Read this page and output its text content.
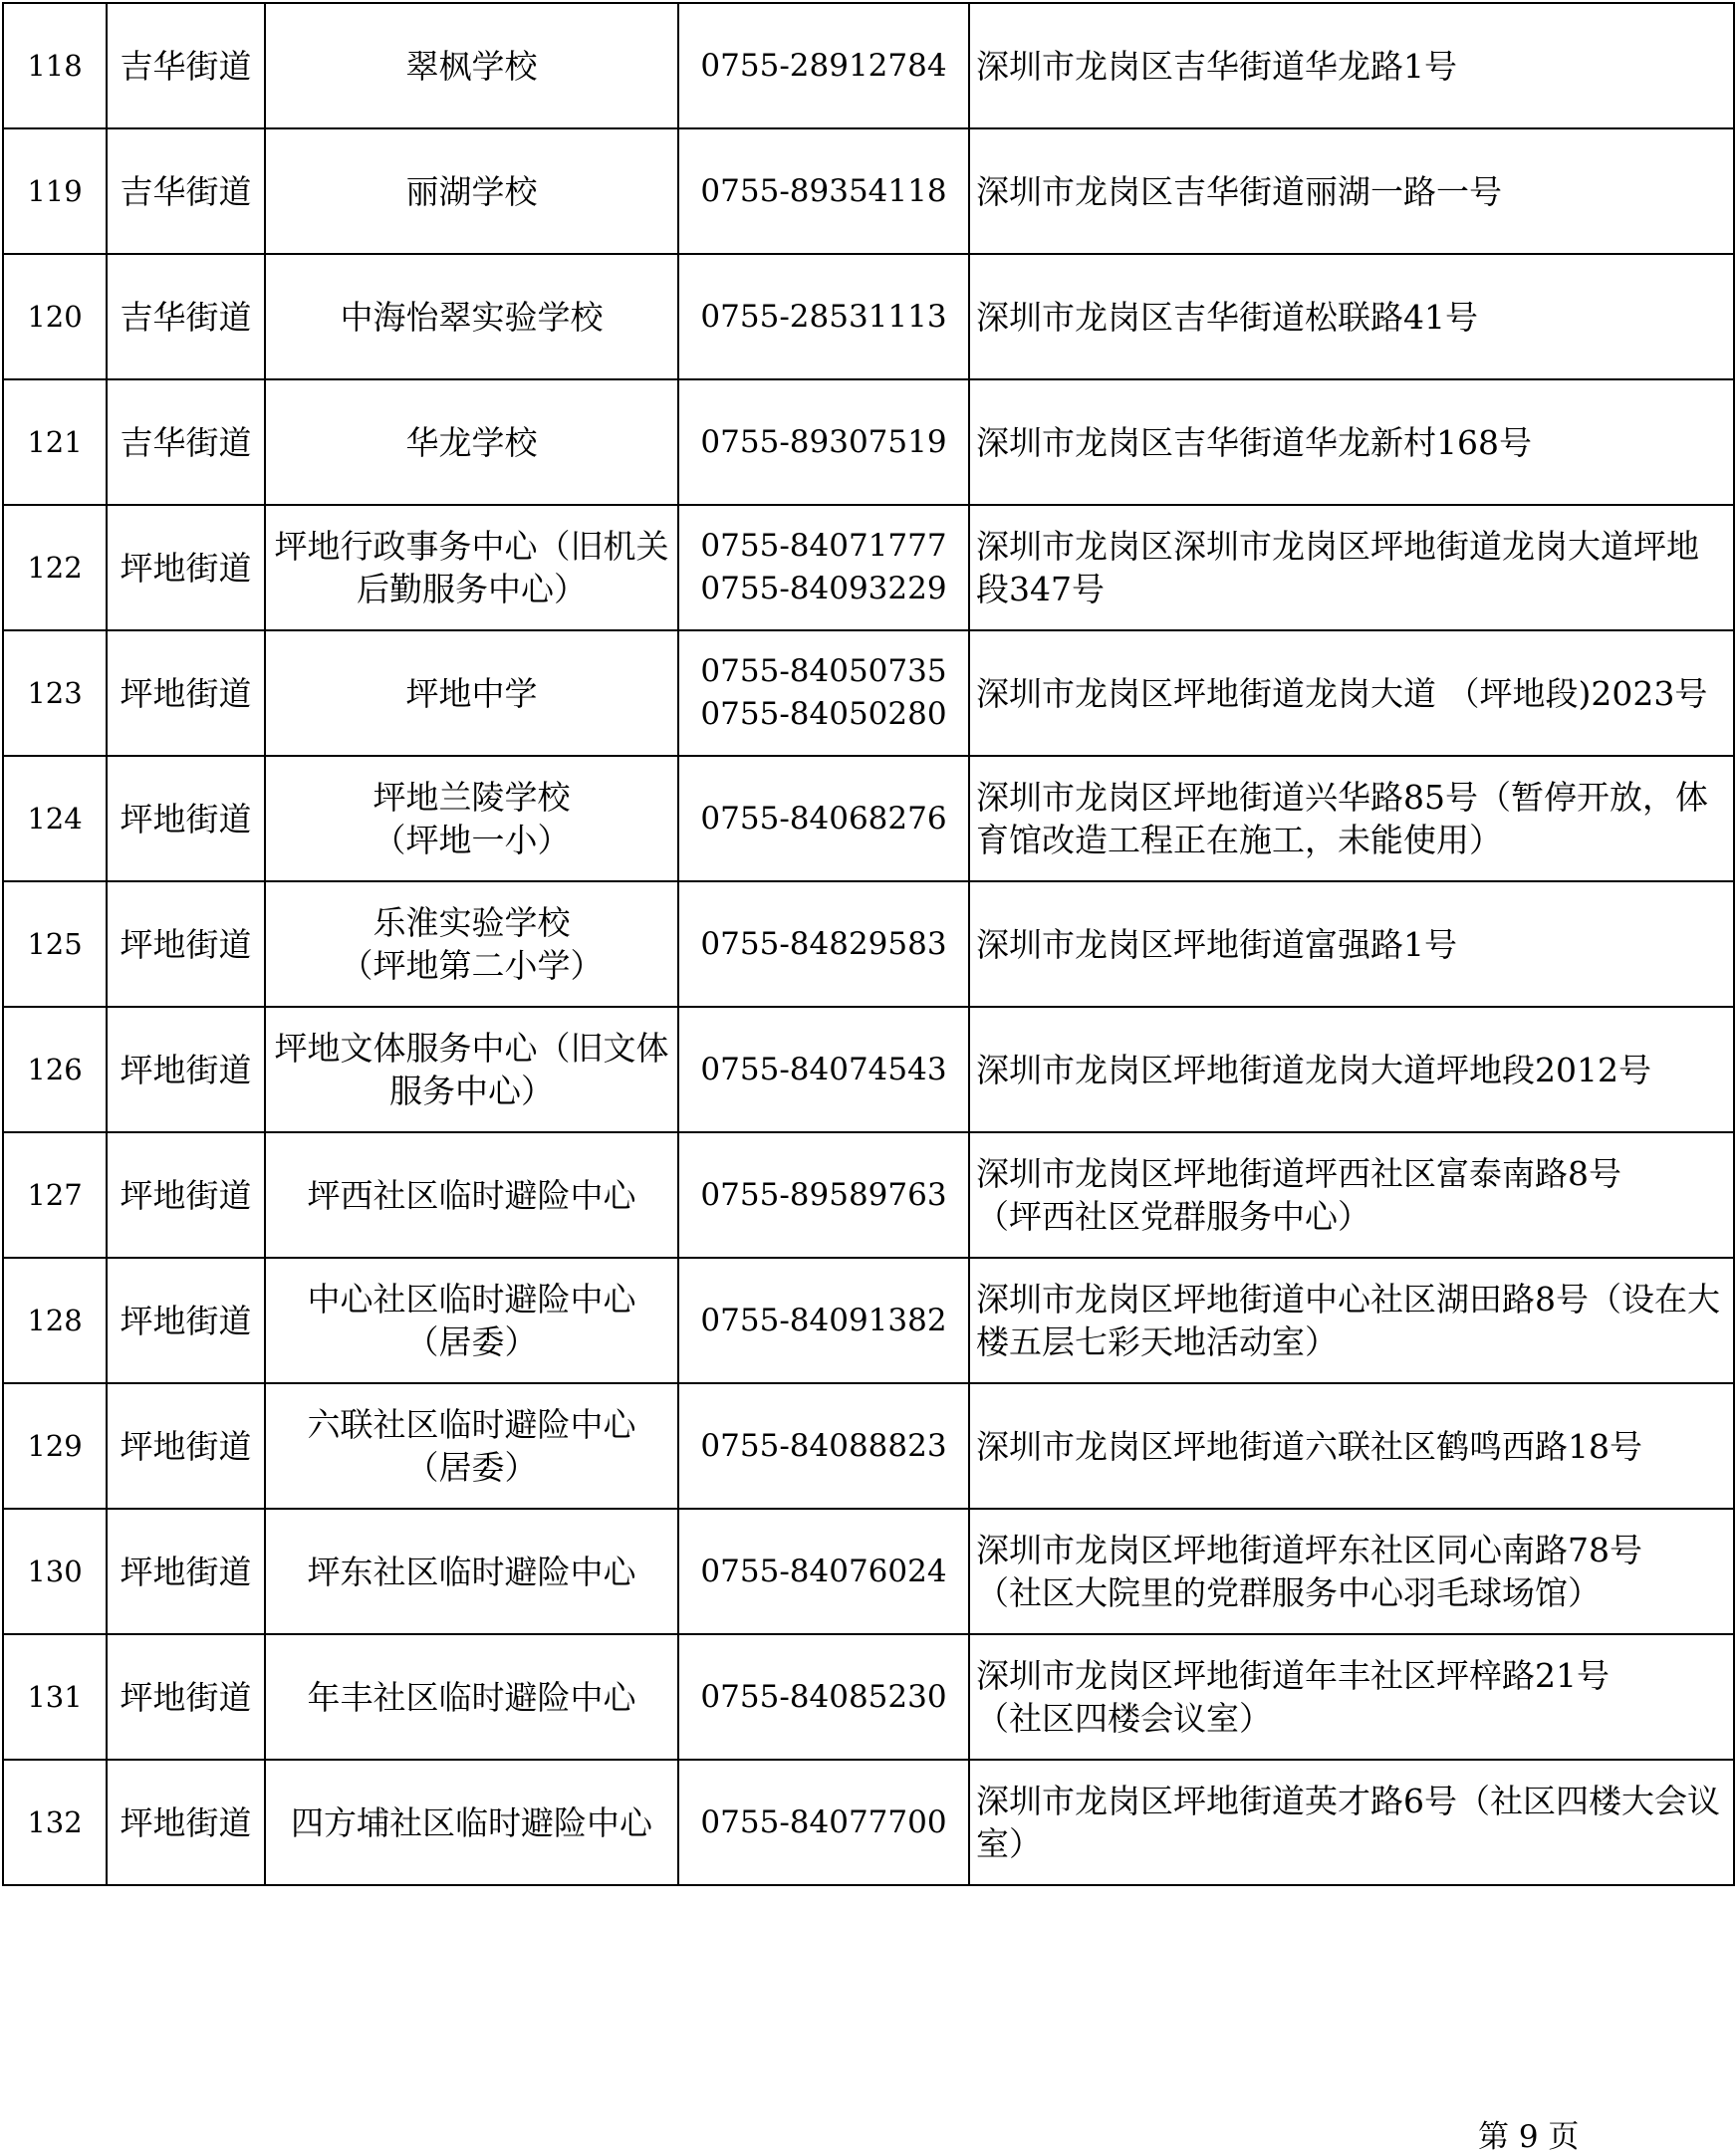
118	吉华街道	翠枫学校	0755-28912784	深圳市龙岗区吉华街道华龙路1号

119	吉华街道	丽湖学校	0755-89354118	深圳市龙岗区吉华街道丽湖一路一号

120	吉华街道	中海怡翠实验学校	0755-28531113	深圳市龙岗区吉华街道松联路41号

121	吉华街道	华龙学校	0755-89307519	深圳市龙岗区吉华街道华龙新村168号

122	坪地街道	坪地行政事务中心（旧机关后勤服务中心）	0755-84071777
0755-84093229	深圳市龙岗区深圳市龙岗区坪地街道龙岗大道坪地段347号

123	坪地街道	坪地中学	0755-84050735
0755-84050280	深圳市龙岗区坪地街道龙岗大道 （坪地段)2023号

124	坪地街道	坪地兰陵学校
（坪地一小）	0755-84068276	深圳市龙岗区坪地街道兴华路85号（暂停开放，体育馆改造工程正在施工，未能使用）

125	坪地街道	乐淮实验学校
（坪地第二小学）	0755-84829583	深圳市龙岗区坪地街道富强路1号

126	坪地街道	坪地文体服务中心（旧文体服务中心）	0755-84074543	深圳市龙岗区坪地街道龙岗大道坪地段2012号

127	坪地街道	坪西社区临时避险中心	0755-89589763	深圳市龙岗区坪地街道坪西社区富泰南路8号
（坪西社区党群服务中心）

128	坪地街道	中心社区临时避险中心
（居委）	0755-84091382	深圳市龙岗区坪地街道中心社区湖田路8号（设在大楼五层七彩天地活动室）

129	坪地街道	六联社区临时避险中心
（居委）	0755-84088823	深圳市龙岗区坪地街道六联社区鹤鸣西路18号

130	坪地街道	坪东社区临时避险中心	0755-84076024	深圳市龙岗区坪地街道坪东社区同心南路78号
（社区大院里的党群服务中心羽毛球场馆）

131	坪地街道	年丰社区临时避险中心	0755-84085230	深圳市龙岗区坪地街道年丰社区坪梓路21号
（社区四楼会议室）

132	坪地街道	四方埔社区临时避险中心	0755-84077700	深圳市龙岗区坪地街道英才路6号（社区四楼大会议室）
第 9 页
